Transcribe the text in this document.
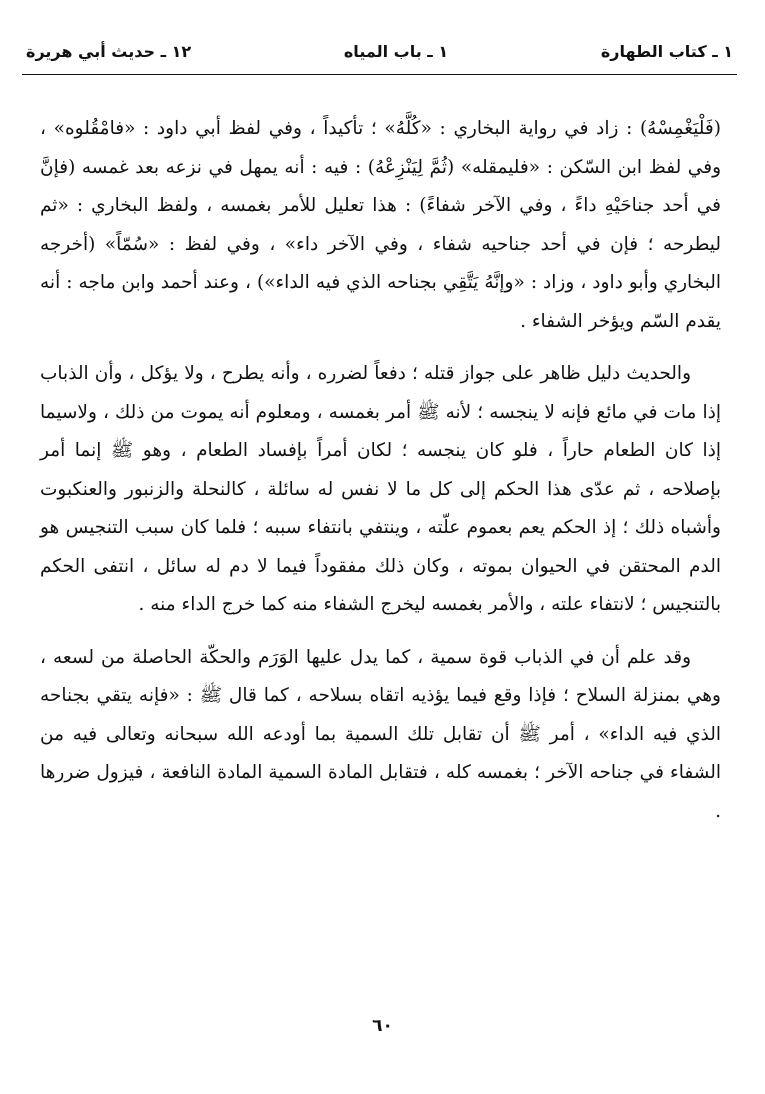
١ ـ كتاب الطهارة
١ ـ باب المياه
١٢ ـ حديث أبي هريرة

(فَلْيَغْمِسْهُ) : زاد في رواية البخاري : «كُلَّهُ» ؛ تأكيداً ، وفي لفظ أبي داود : «فامْقُلوه» ، وفي لفظ ابن السّكن : «فليمقله» (ثُمَّ لِيَنْزِعْهُ) : فيه : أنه يمهل في نزعه بعد غمسه (فإنَّ في أحد جناحَيْهِ داءً ، وفي الآخر شفاءً) : هذا تعليل للأمر بغمسه ، ولفظ البخاري : «ثم ليطرحه ؛ فإن في أحد جناحيه شفاء ، وفي الآخر داء» ، وفي لفظ : «سُمّاً» (أخرجه البخاري وأبو داود ، وزاد : «وإنَّهُ يَتَّقِي بجناحه الذي فيه الداء») ، وعند أحمد وابن ماجه : أنه يقدم السّم ويؤخر الشفاء .

والحديث دليل ظاهر على جواز قتله ؛ دفعاً لضرره ، وأنه يطرح ، ولا يؤكل ، وأن الذباب إذا مات في مائع فإنه لا ينجسه ؛ لأنه ﷺ أمر بغمسه ، ومعلوم أنه يموت من ذلك ، ولاسيما إذا كان الطعام حاراً ، فلو كان ينجسه ؛ لكان أمراً بإفساد الطعام ، وهو ﷺ إنما أمر بإصلاحه ، ثم عدّى هذا الحكم إلى كل ما لا نفس له سائلة ، كالنحلة والزنبور والعنكبوت وأشباه ذلك ؛ إذ الحكم يعم بعموم علّته ، وينتفي بانتفاء سببه ؛ فلما كان سبب التنجيس هو الدم المحتقن في الحيوان بموته ، وكان ذلك مفقوداً فيما لا دم له سائل ، انتفى الحكم بالتنجيس ؛ لانتفاء علته ، والأمر بغمسه ليخرج الشفاء منه كما خرج الداء منه .

وقد علم أن في الذباب قوة سمية ، كما يدل عليها الوَرَم والحكّة الحاصلة من لسعه ، وهي بمنزلة السلاح ؛ فإذا وقع فيما يؤذيه اتقاه بسلاحه ، كما قال ﷺ : «فإنه يتقي بجناحه الذي فيه الداء» ، أمر ﷺ أن تقابل تلك السمية بما أودعه الله سبحانه وتعالى فيه من الشفاء في جناحه الآخر ؛ بغمسه كله ، فتقابل المادة السمية المادة النافعة ، فيزول ضررها .

٦٠
